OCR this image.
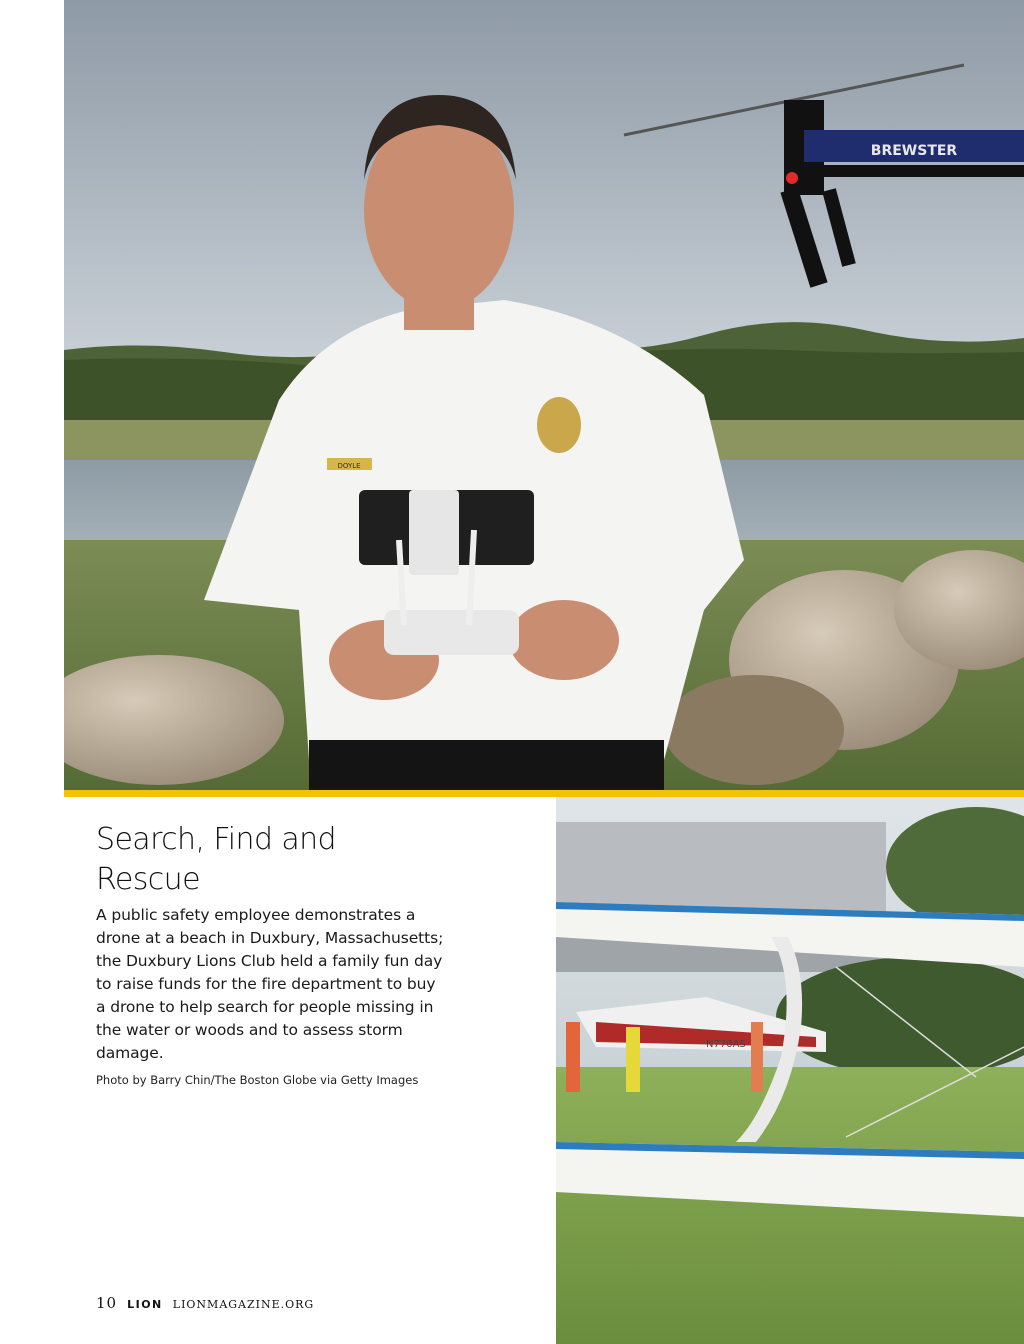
DOYLE
BREWSTER
N770AS
Search, Find and Rescue

A public safety employee demonstrates a drone at a beach in Duxbury, Massachusetts; the Duxbury Lions Club held a family fun day to raise funds for the fire department to buy a drone to help search for people missing in the water or woods and to assess storm damage.

Photo by Barry Chin/The Boston Globe via Getty Images
10 LION LIONMAGAZINE.ORG
